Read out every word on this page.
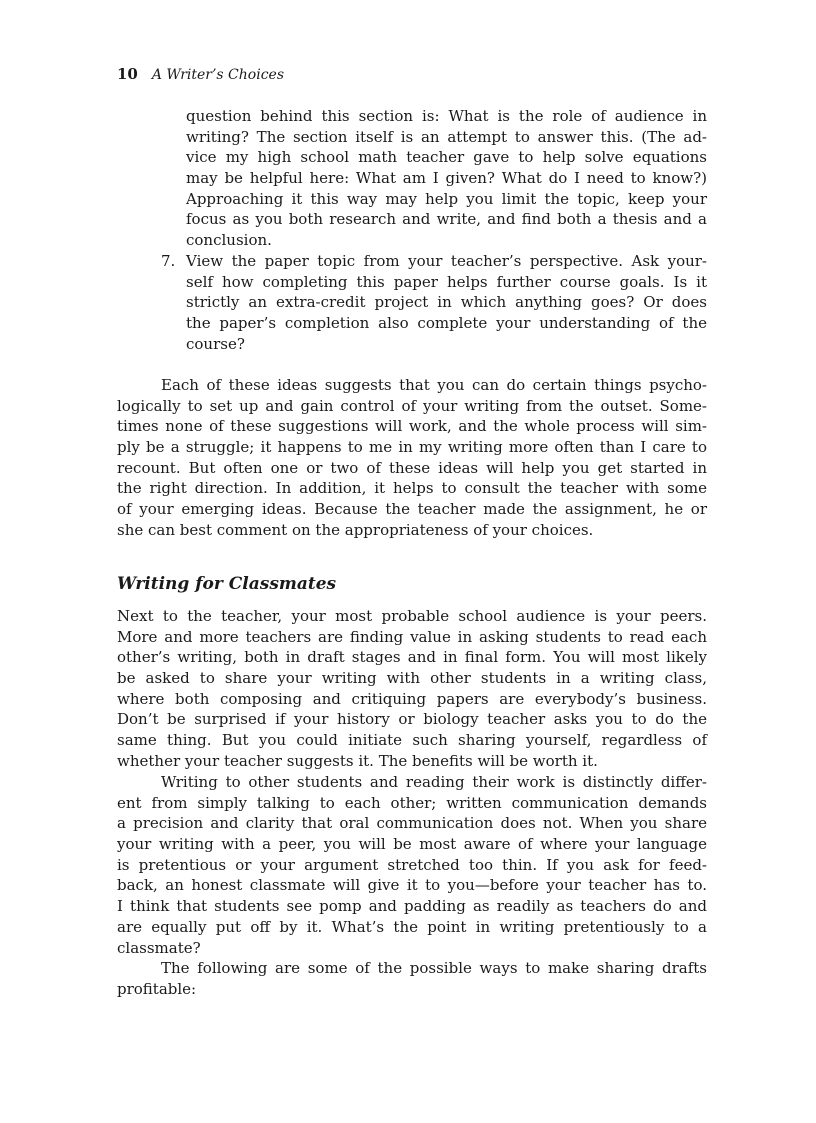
10 A Writer’s Choices
question behind this section is: What is the role of audience in
writing? The section itself is an attempt to answer this. (The ad-
vice my high school math teacher gave to help solve equations
may be helpful here: What am I given? What do I need to know?)
Approaching it this way may help you limit the topic, keep your
focus as you both research and write, and find both a thesis and a
conclusion.
7. View the paper topic from your teacher’s perspective. Ask your-
self how completing this paper helps further course goals. Is it
strictly an extra-credit project in which anything goes? Or does
the paper’s completion also complete your understanding of the
course?
Each of these ideas suggests that you can do certain things psycho-
logically to set up and gain control of your writing from the outset. Some-
times none of these suggestions will work, and the whole process will sim-
ply be a struggle; it happens to me in my writing more often than I care to
recount. But often one or two of these ideas will help you get started in
the right direction. In addition, it helps to consult the teacher with some
of your emerging ideas. Because the teacher made the assignment, he or
she can best comment on the appropriateness of your choices.
Writing for Classmates
Next to the teacher, your most probable school audience is your peers.
More and more teachers are finding value in asking students to read each
other’s writing, both in draft stages and in final form. You will most likely
be asked to share your writing with other students in a writing class,
where both composing and critiquing papers are everybody’s business.
Don’t be surprised if your history or biology teacher asks you to do the
same thing. But you could initiate such sharing yourself, regardless of
whether your teacher suggests it. The benefits will be worth it.
Writing to other students and reading their work is distinctly differ-
ent from simply talking to each other; written communication demands
a precision and clarity that oral communication does not. When you share
your writing with a peer, you will be most aware of where your language
is pretentious or your argument stretched too thin. If you ask for feed-
back, an honest classmate will give it to you—before your teacher has to.
I think that students see pomp and padding as readily as teachers do and
are equally put off by it. What’s the point in writing pretentiously to a
classmate?
The following are some of the possible ways to make sharing drafts
profitable:
